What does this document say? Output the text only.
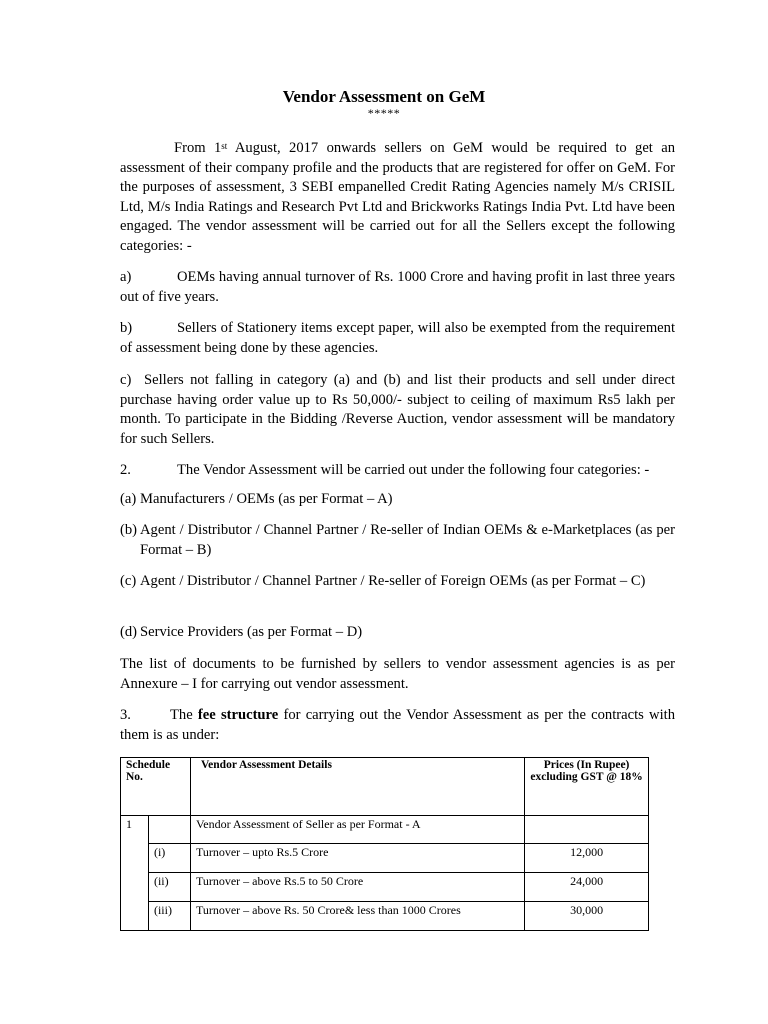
Vendor Assessment on GeM
*****

From 1st August, 2017 onwards sellers on GeM would be required to get an assessment of their company profile and the products that are registered for offer on GeM. For the purposes of assessment, 3 SEBI empanelled Credit Rating Agencies namely M/s CRISIL Ltd, M/s India Ratings and Research Pvt Ltd and Brickworks Ratings India Pvt. Ltd have been engaged. The vendor assessment will be carried out for all the Sellers except the following categories: -

a)	OEMs having annual turnover of Rs. 1000 Crore and having profit in last three years out of five years.

b)	Sellers of Stationery items except paper, will also be exempted from the requirement of assessment being done by these agencies.

c) Sellers not falling in category (a) and (b) and list their products and sell under direct purchase having order value up to Rs 50,000/- subject to ceiling of maximum Rs5 lakh per month. To participate in the Bidding /Reverse Auction, vendor assessment will be mandatory for such Sellers.

2.	The Vendor Assessment will be carried out under the following four categories: -

(a) Manufacturers / OEMs (as per Format – A)
(b) Agent / Distributor / Channel Partner / Re-seller of Indian OEMs & e-Marketplaces (as per Format – B)
(c) Agent / Distributor / Channel Partner / Re-seller of Foreign OEMs (as per Format – C)
(d) Service Providers (as per Format – D)

The list of documents to be furnished by sellers to vendor assessment agencies is as per Annexure – I for carrying out vendor assessment.

3.	The fee structure for carrying out the Vendor Assessment as per the contracts with them is as under:

Schedule No.		Vendor Assessment Details	Prices (In Rupee) excluding GST @ 18%
1		Vendor Assessment of Seller as per Format - A	
	(i)	Turnover – upto Rs.5 Crore	12,000
	(ii)	Turnover – above Rs.5 to 50 Crore	24,000
	(iii)	Turnover – above Rs. 50 Crore& less than 1000 Crores	30,000
